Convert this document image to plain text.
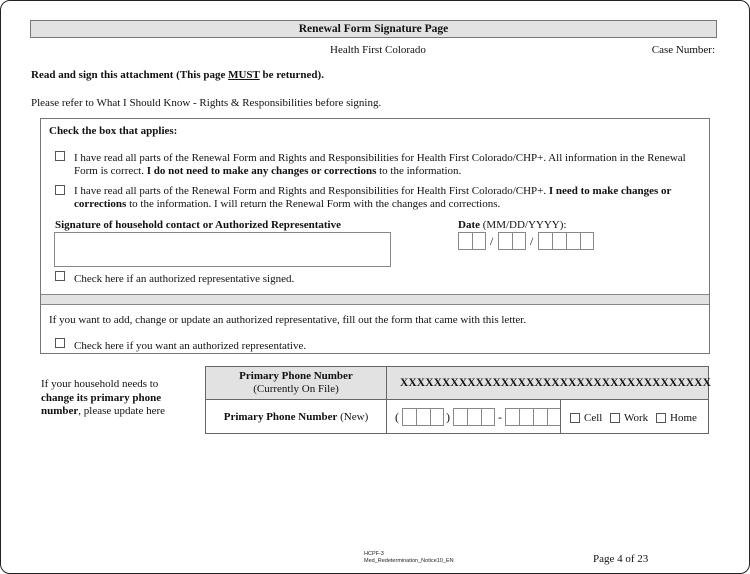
Renewal Form Signature Page
Health First Colorado	Case Number:
Read and sign this attachment (This page MUST be returned).
Please refer to What I Should Know - Rights & Responsibilities before signing.
Check the box that applies:
I have read all parts of the Renewal Form and Rights and Responsibilities for Health First Colorado/CHP+. All information in the Renewal
Form is correct. I do not need to make any changes or corrections to the information.
I have read all parts of the Renewal Form and Rights and Responsibilities for Health First Colorado/CHP+. I need to make changes or
corrections to the information. I will return the Renewal Form with the changes and corrections.
Signature of household contact or Authorized Representative	Date (MM/DD/YYYY):
/	/
Check here if an authorized representative signed.
If you want to add, change or update an authorized representative, fill out the form that came with this letter.
Check here if you want an authorized representative.
If your household needs to
change its primary phone number, please update here
Primary Phone Number
(Currently On File)	XXXXXXXXXXXXXXXXXXXXXXXXXXXXXXXXXXXXX
Primary Phone Number (New)	(	)	-	Cell Work Home
HCPF-3
Med_Redetermination_Notice10_EN	Page 4 of 23
